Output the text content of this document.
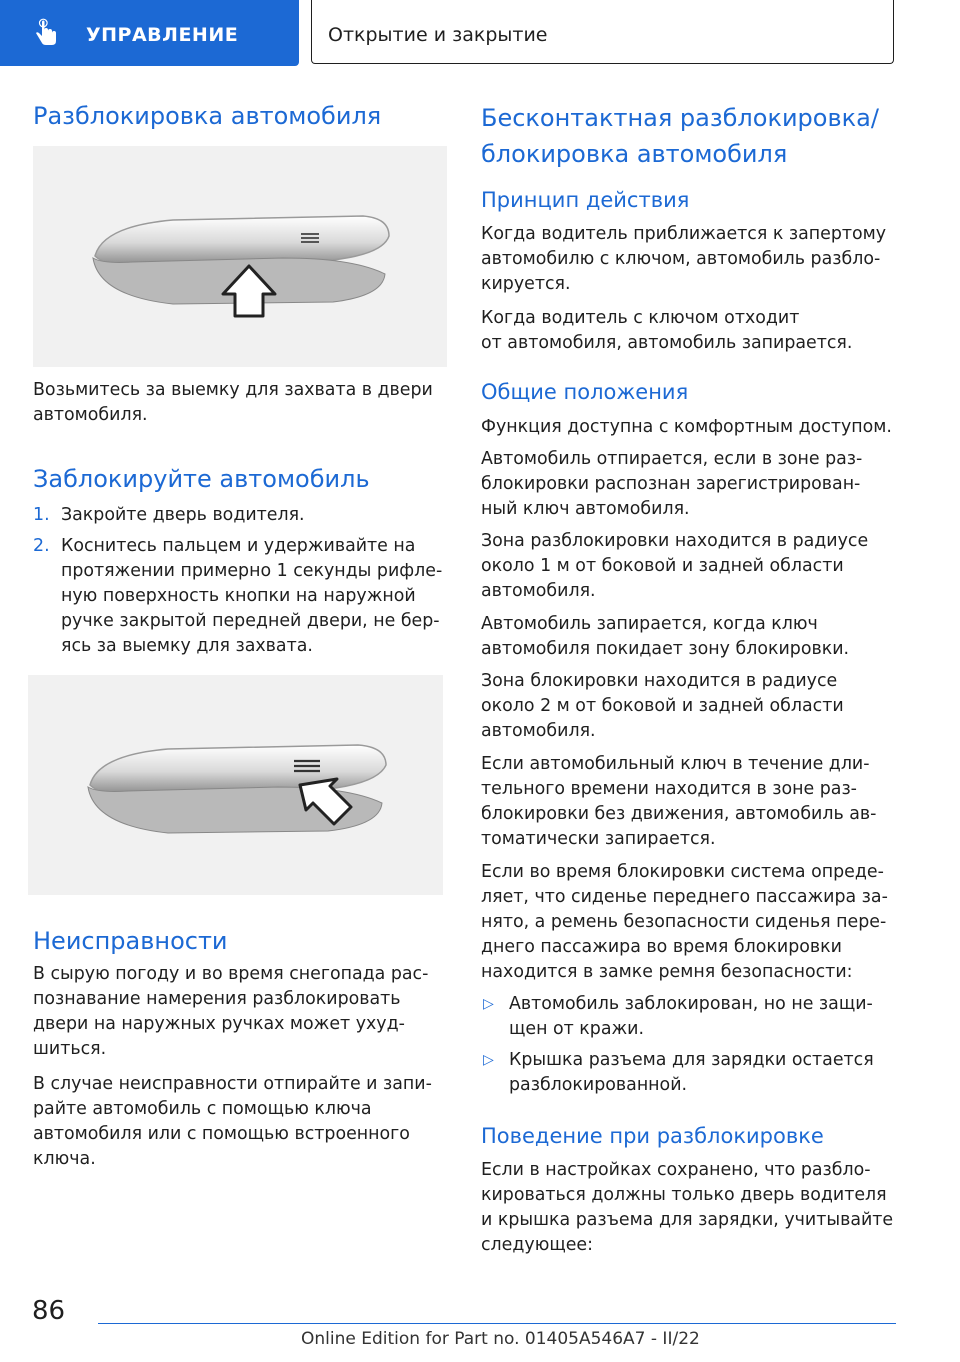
УПРАВЛЕНИЕ	Открытие и закрытие
Разблокировка автомобиля

Возьмитесь за выемку для захвата в двери
автомобиля.

Заблокируйте автомобиль
1. Закройте дверь водителя.

2. Коснитесь пальцем и удерживайте на
протяжении примерно 1 секунды рифле-
ную поверхность кнопки на наружной
ручке закрытой передней двери, не бер-
ясь за выемку для захвата.

Неисправности

В сырую погоду и во время снегопада рас-
познавание намерения разблокировать
двери на наружных ручках может ухуд-
шиться.

В случае неисправности отпирайте и запи-
райте автомобиль с помощью ключа
автомобиля или с помощью встроенного
ключа.

Бесконтактная разблокировка/
блокировка автомобиля
Принцип действия

Когда водитель приближается к запертому
автомобилю с ключом, автомобиль разбло-
кируется.

Когда водитель с ключом отходит
от автомобиля, автомобиль запирается.

Общие положения

Функция доступна с комфортным доступом.

Автомобиль отпирается, если в зоне раз-
блокировки распознан зарегистрирован-
ный ключ автомобиля.

Зона разблокировки находится в радиусе
около 1 м от боковой и задней области
автомобиля.

Автомобиль запирается, когда ключ
автомобиля покидает зону блокировки.

Зона блокировки находится в радиусе
около 2 м от боковой и задней области
автомобиля.

Если автомобильный ключ в течение дли-
тельного времени находится в зоне раз-
блокировки без движения, автомобиль ав-
томатически запирается.

Если во время блокировки система опреде-
ляет, что сиденье переднего пассажира за-
нято, а ремень безопасности сиденья пере-
днего пассажира во время блокировки
находится в замке ремня безопасности:

▷ Автомобиль заблокирован, но не защи-
щен от кражи.

▷ Крышка разъема для зарядки остается
разблокированной.

Поведение при разблокировке

Если в настройках сохранено, что разбло-
кироваться должны только дверь водителя
и крышка разъема для зарядки, учитывайте
следующее:

86
Online Edition for Part no. 01405A546A7 - II/22
